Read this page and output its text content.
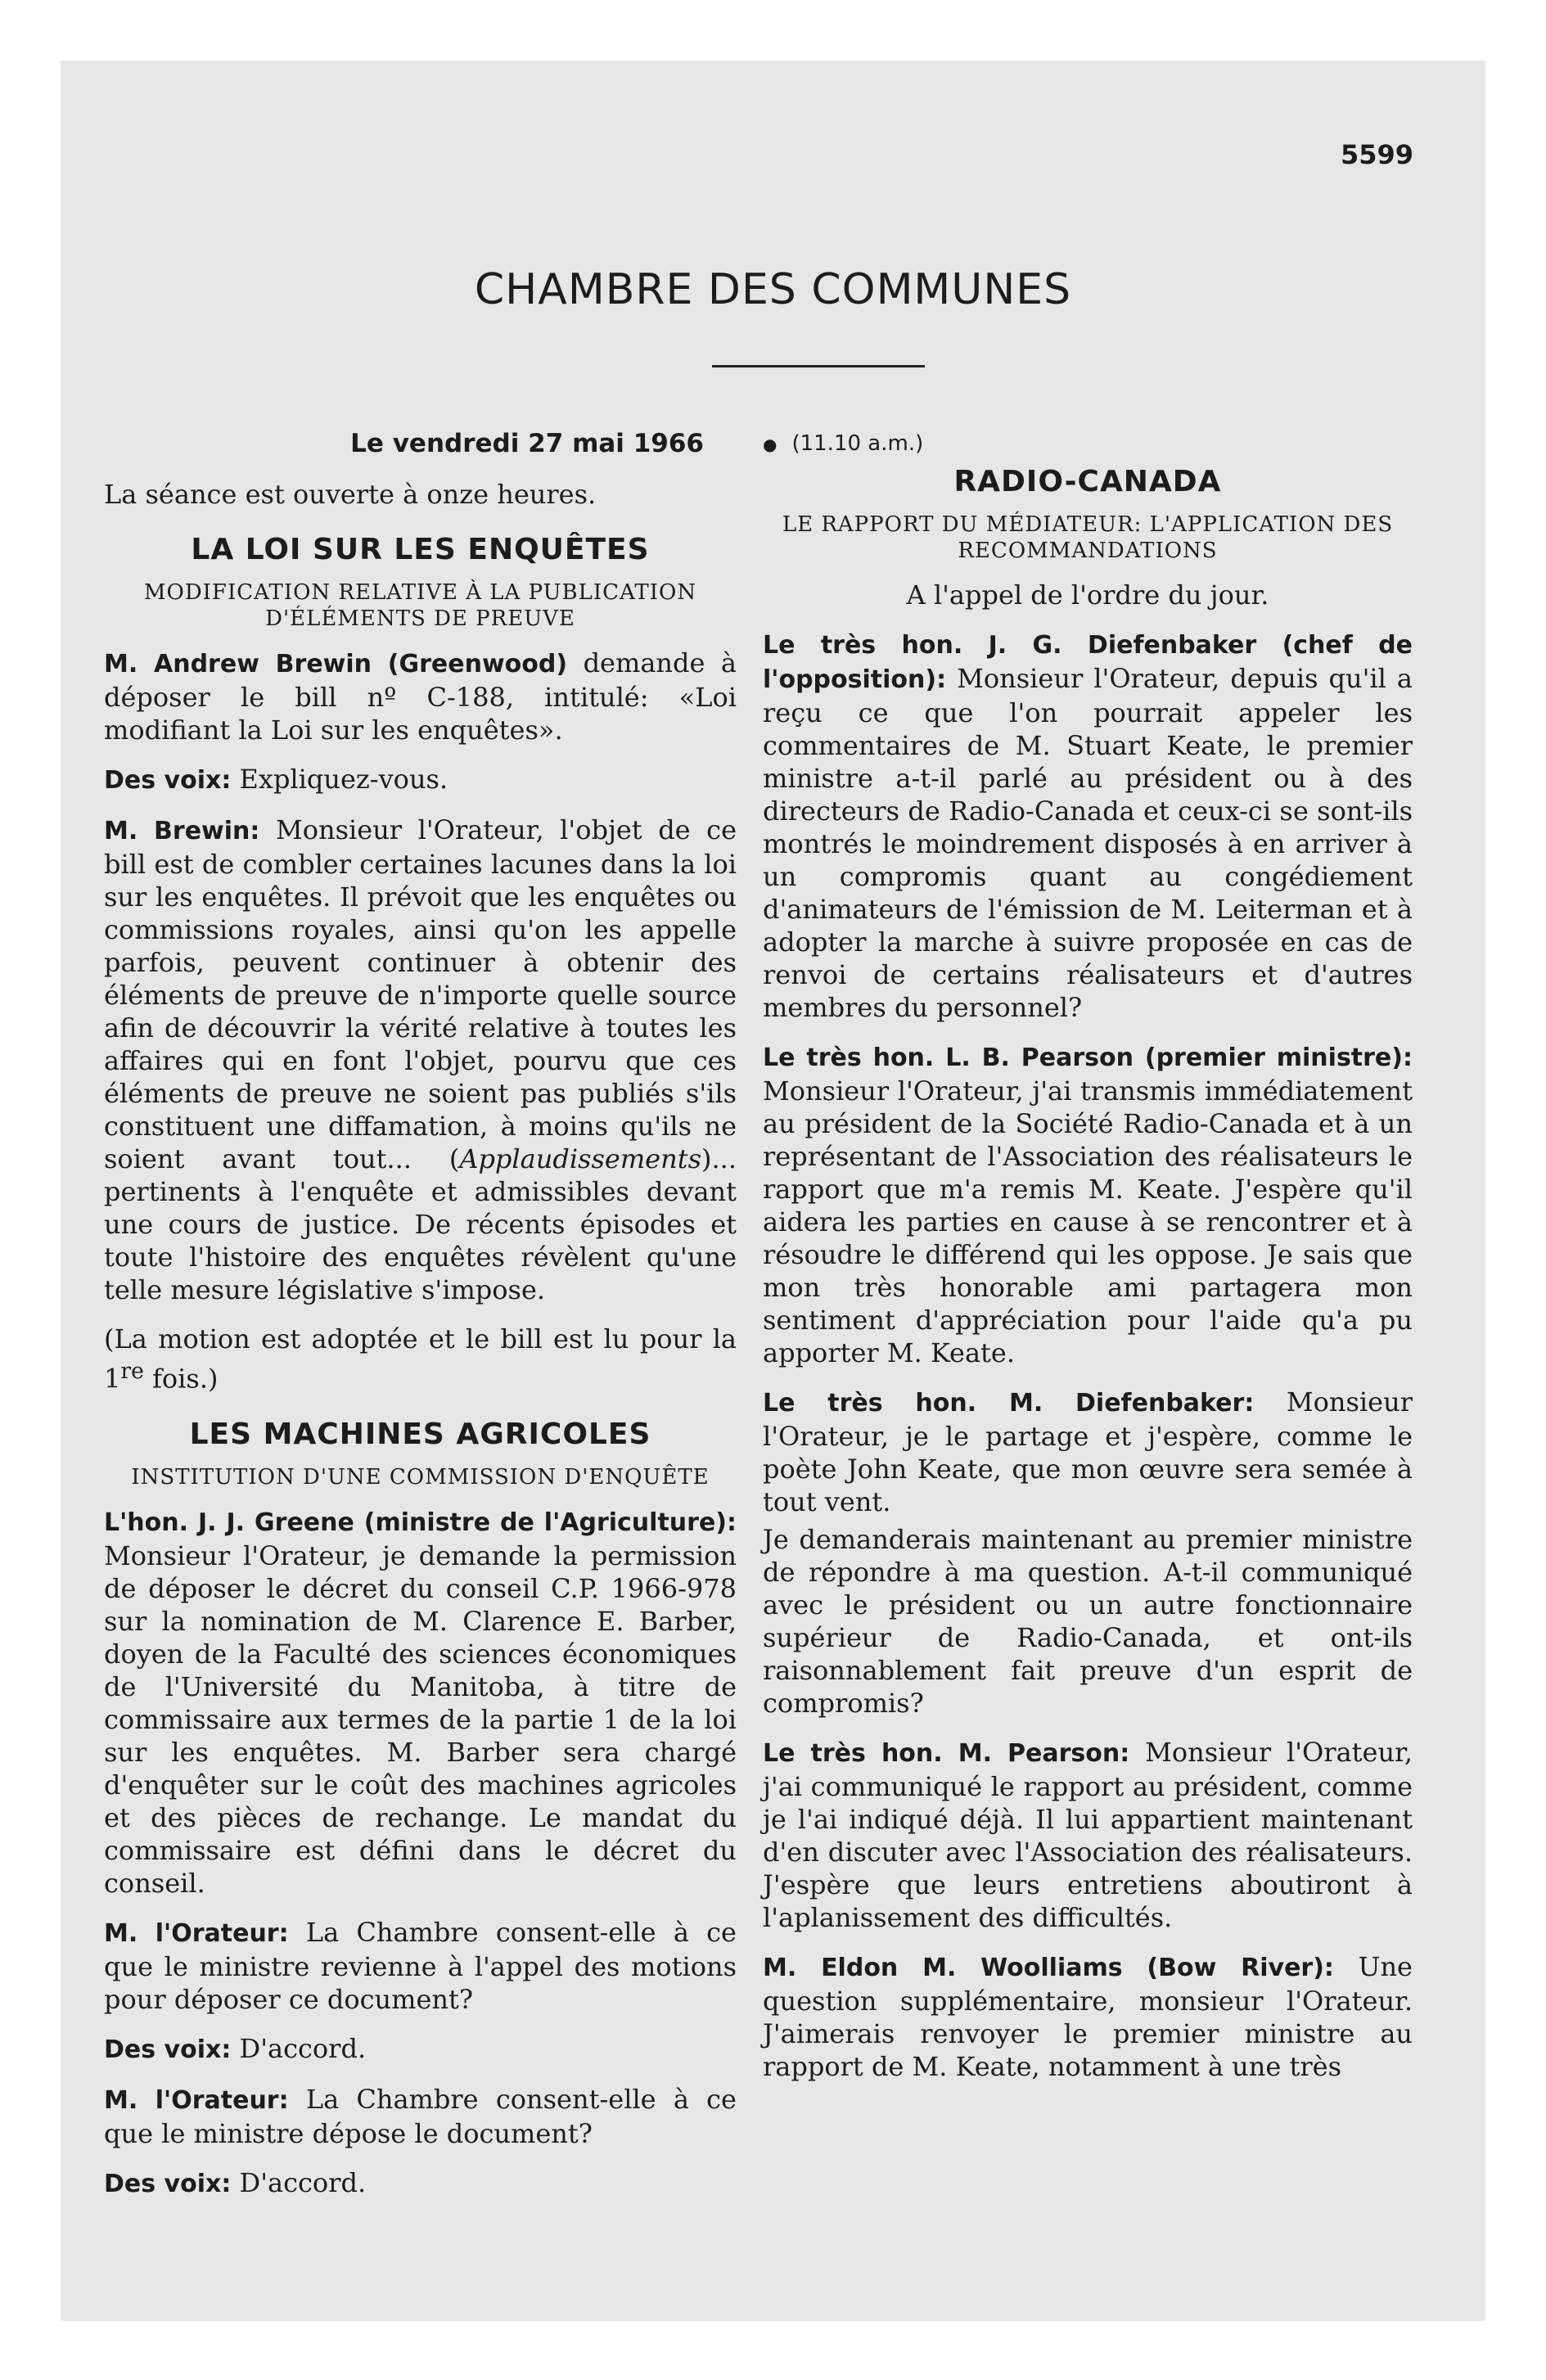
5599
CHAMBRE DES COMMUNES

Le vendredi 27 mai 1966

La séance est ouverte à onze heures.

LA LOI SUR LES ENQUÊTES
MODIFICATION RELATIVE À LA PUBLICATION D'ÉLÉMENTS DE PREUVE

M. Andrew Brewin (Greenwood) demande à déposer le bill nº C-188, intitulé: «Loi modifiant la Loi sur les enquêtes».

Des voix: Expliquez-vous.

M. Brewin: Monsieur l'Orateur, l'objet de ce bill est de combler certaines lacunes dans la loi sur les enquêtes. Il prévoit que les enquêtes ou commissions royales, ainsi qu'on les appelle parfois, peuvent continuer à obtenir des éléments de preuve de n'importe quelle source afin de découvrir la vérité relative à toutes les affaires qui en font l'objet, pourvu que ces éléments de preuve ne soient pas publiés s'ils constituent une diffamation, à moins qu'ils ne soient avant tout... (Applaudissements)... pertinents à l'enquête et admissibles devant une cours de justice. De récents épisodes et toute l'histoire des enquêtes révèlent qu'une telle mesure législative s'impose.

(La motion est adoptée et le bill est lu pour la 1re fois.)

LES MACHINES AGRICOLES
INSTITUTION D'UNE COMMISSION D'ENQUÊTE

L'hon. J. J. Greene (ministre de l'Agriculture): Monsieur l'Orateur, je demande la permission de déposer le décret du conseil C.P. 1966-978 sur la nomination de M. Clarence E. Barber, doyen de la Faculté des sciences économiques de l'Université du Manitoba, à titre de commissaire aux termes de la partie 1 de la loi sur les enquêtes. M. Barber sera chargé d'enquêter sur le coût des machines agricoles et des pièces de rechange. Le mandat du commissaire est défini dans le décret du conseil.

M. l'Orateur: La Chambre consent-elle à ce que le ministre revienne à l'appel des motions pour déposer ce document?

Des voix: D'accord.

M. l'Orateur: La Chambre consent-elle à ce que le ministre dépose le document?

Des voix: D'accord.

● (11.10 a.m.)

RADIO-CANADA
LE RAPPORT DU MÉDIATEUR: L'APPLICATION DES RECOMMANDATIONS

A l'appel de l'ordre du jour.

Le très hon. J. G. Diefenbaker (chef de l'opposition): Monsieur l'Orateur, depuis qu'il a reçu ce que l'on pourrait appeler les commentaires de M. Stuart Keate, le premier ministre a-t-il parlé au président ou à des directeurs de Radio-Canada et ceux-ci se sont-ils montrés le moindrement disposés à en arriver à un compromis quant au congédiement d'animateurs de l'émission de M. Leiterman et à adopter la marche à suivre proposée en cas de renvoi de certains réalisateurs et d'autres membres du personnel?

Le très hon. L. B. Pearson (premier ministre): Monsieur l'Orateur, j'ai transmis immédiatement au président de la Société Radio-Canada et à un représentant de l'Association des réalisateurs le rapport que m'a remis M. Keate. J'espère qu'il aidera les parties en cause à se rencontrer et à résoudre le différend qui les oppose. Je sais que mon très honorable ami partagera mon sentiment d'appréciation pour l'aide qu'a pu apporter M. Keate.

Le très hon. M. Diefenbaker: Monsieur l'Orateur, je le partage et j'espère, comme le poète John Keate, que mon œuvre sera semée à tout vent.

Je demanderais maintenant au premier ministre de répondre à ma question. A-t-il communiqué avec le président ou un autre fonctionnaire supérieur de Radio-Canada, et ont-ils raisonnablement fait preuve d'un esprit de compromis?

Le très hon. M. Pearson: Monsieur l'Orateur, j'ai communiqué le rapport au président, comme je l'ai indiqué déjà. Il lui appartient maintenant d'en discuter avec l'Association des réalisateurs. J'espère que leurs entretiens aboutiront à l'aplanissement des difficultés.

M. Eldon M. Woolliams (Bow River): Une question supplémentaire, monsieur l'Orateur. J'aimerais renvoyer le premier ministre au rapport de M. Keate, notamment à une très
